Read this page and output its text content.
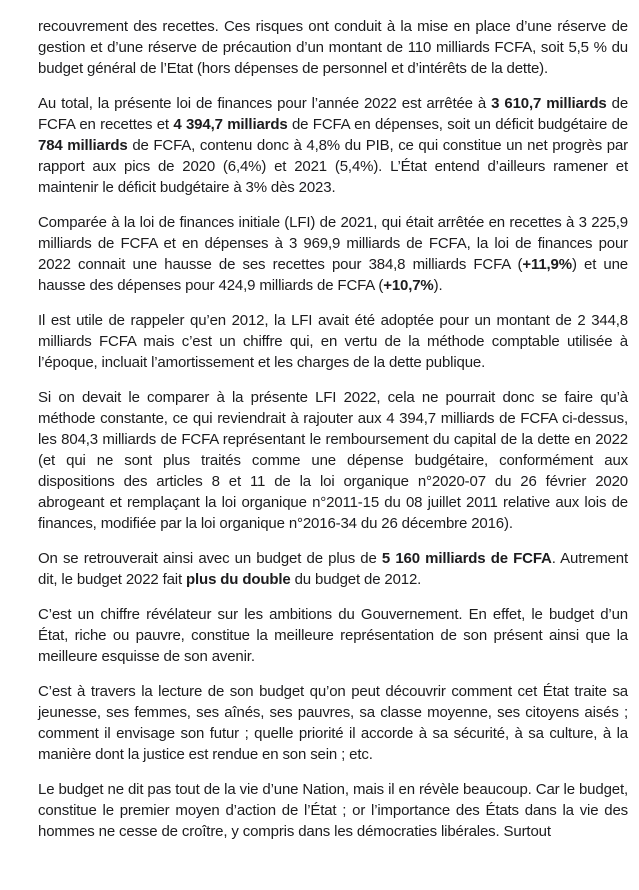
recouvrement des recettes. Ces risques ont conduit à la mise en place d’une réserve de gestion et d’une réserve de précaution d’un montant de 110 milliards FCFA, soit 5,5 % du budget général de l’Etat (hors dépenses de personnel et d’intérêts de la dette).

Au total, la présente loi de finances pour l’année 2022 est arrêtée à 3 610,7 milliards de FCFA en recettes et 4 394,7 milliards de FCFA en dépenses, soit un déficit budgétaire de 784 milliards de FCFA, contenu donc à 4,8% du PIB, ce qui constitue un net progrès par rapport aux pics de 2020 (6,4%) et 2021 (5,4%). L’État entend d’ailleurs ramener et maintenir le déficit budgétaire à 3% dès 2023.

Comparée à la loi de finances initiale (LFI) de 2021, qui était arrêtée en recettes à 3 225,9 milliards de FCFA et en dépenses à 3 969,9 milliards de FCFA, la loi de finances pour 2022 connait une hausse de ses recettes pour 384,8 milliards FCFA (+11,9%) et une hausse des dépenses pour 424,9 milliards de FCFA (+10,7%).

Il est utile de rappeler qu’en 2012, la LFI avait été adoptée pour un montant de 2 344,8 milliards FCFA mais c’est un chiffre qui, en vertu de la méthode comptable utilisée à l’époque, incluait l’amortissement et les charges de la dette publique.

Si on devait le comparer à la présente LFI 2022, cela ne pourrait donc se faire qu’à méthode constante, ce qui reviendrait à rajouter aux 4 394,7 milliards de FCFA ci-dessus, les 804,3 milliards de FCFA représentant le remboursement du capital de la dette en 2022 (et qui ne sont plus traités comme une dépense budgétaire, conformément aux dispositions des articles 8 et 11 de la loi organique n°2020-07 du 26 février 2020 abrogeant et remplaçant la loi organique n°2011-15 du 08 juillet 2011 relative aux lois de finances, modifiée par la loi organique n°2016-34 du 26 décembre 2016).

On se retrouverait ainsi avec un budget de plus de 5 160 milliards de FCFA. Autrement dit, le budget 2022 fait plus du double du budget de 2012.

C’est un chiffre révélateur sur les ambitions du Gouvernement. En effet, le budget d’un État, riche ou pauvre, constitue la meilleure représentation de son présent ainsi que la meilleure esquisse de son avenir.

C’est à travers la lecture de son budget qu’on peut découvrir comment cet État traite sa jeunesse, ses femmes, ses aînés, ses pauvres, sa classe moyenne, ses citoyens aisés ; comment il envisage son futur ; quelle priorité il accorde à sa sécurité, à sa culture, à la manière dont la justice est rendue en son sein ; etc.

Le budget ne dit pas tout de la vie d’une Nation, mais il en révèle beaucoup. Car le budget, constitue le premier moyen d’action de l’État ; or l’importance des États dans la vie des hommes ne cesse de croître, y compris dans les démocraties libérales. Surtout
